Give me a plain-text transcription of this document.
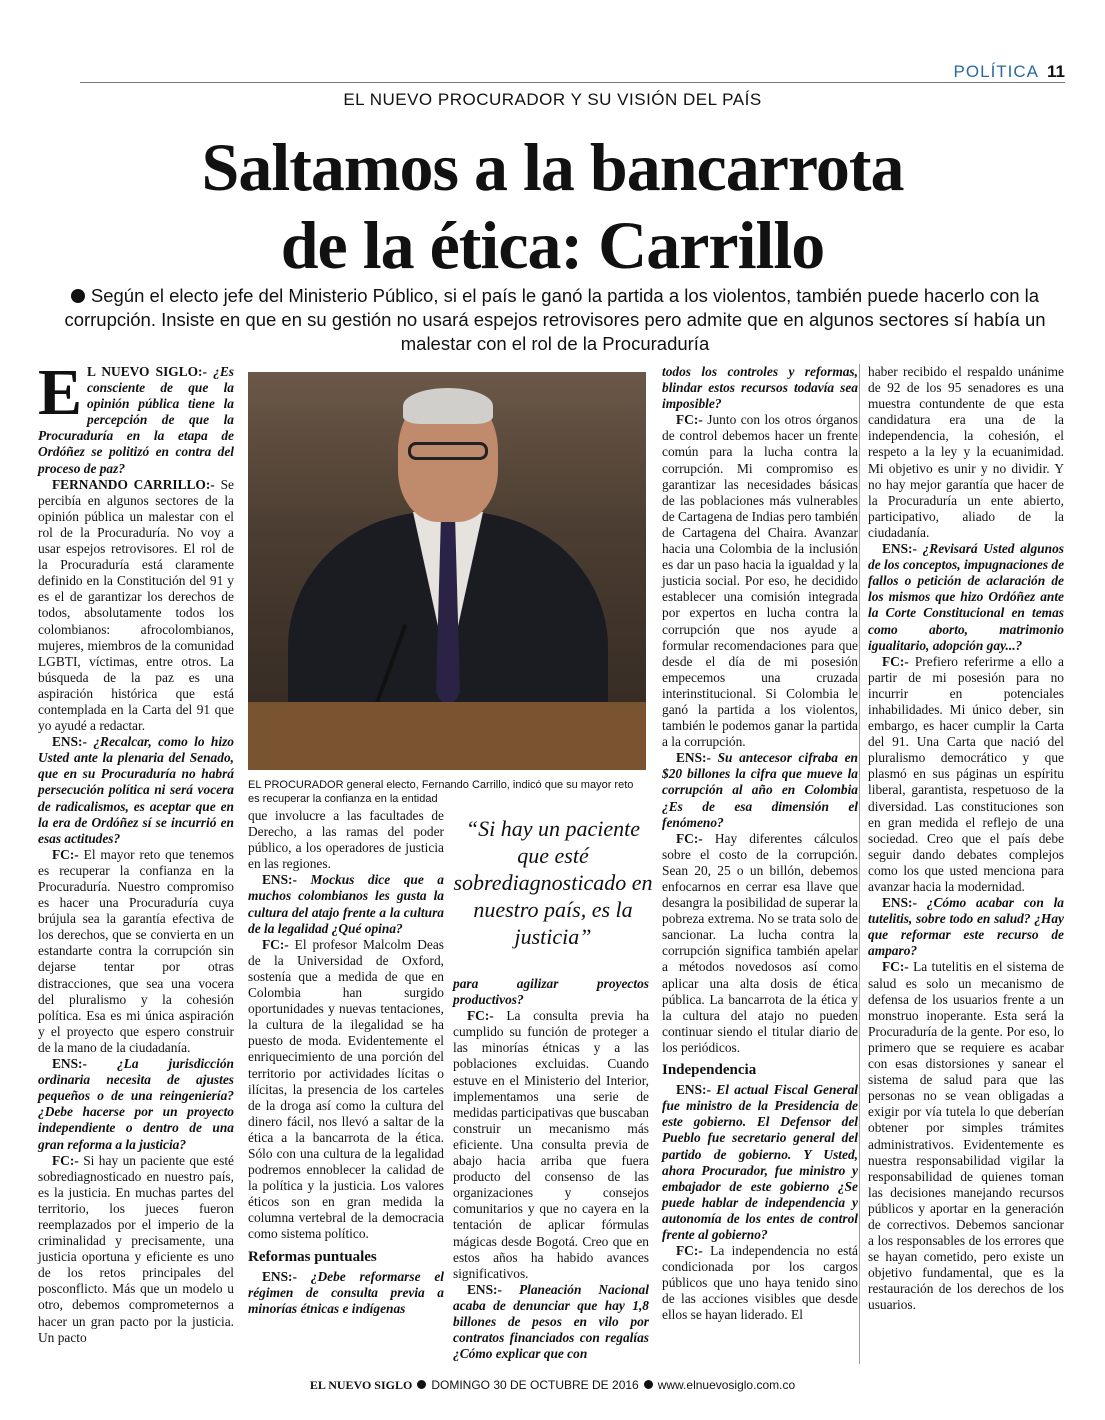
POLÍTICA 11
EL NUEVO PROCURADOR Y SU VISIÓN DEL PAÍS
Saltamos a la bancarrota
de la ética: Carrillo
Según el electo jefe del Ministerio Público, si el país le ganó la partida a los violentos, también puede hacerlo con la corrupción. Insiste en que en su gestión no usará espejos retrovisores pero admite que en algunos sectores sí había un malestar con el rol de la Procuraduría

E L NUEVO SIGLO:- ¿Es consciente de que la opinión pública tiene la percepción de que la Procuraduría en la etapa de Ordóñez se politizó en contra del proceso de paz?

FERNANDO CARRILLO:- Se percibía en algunos sectores de la opinión pública un malestar con el rol de la Procuraduría. No voy a usar espejos retrovisores. El rol de la Procuraduría está claramente definido en la Constitución del 91 y es el de garantizar los derechos de todos, absolutamente todos los colombianos: afrocolombianos, mujeres, miembros de la comunidad LGBTI, víctimas, entre otros. La búsqueda de la paz es una aspiración histórica que está contemplada en la Carta del 91 que yo ayudé a redactar.

ENS:- ¿Recalcar, como lo hizo Usted ante la plenaria del Senado, que en su Procuraduría no habrá persecución política ni será vocera de radicalismos, es aceptar que en la era de Ordóñez sí se incurrió en esas actitudes?

FC:- El mayor reto que tenemos es recuperar la confianza en la Procuraduría. Nuestro compromiso es hacer una Procuraduría cuya brújula sea la garantía efectiva de los derechos, que se convierta en un estandarte contra la corrupción sin dejarse tentar por otras distracciones, que sea una vocera del pluralismo y la cohesión política. Esa es mi única aspiración y el proyecto que espero construir de la mano de la ciudadanía.

ENS:- ¿La jurisdicción ordinaria necesita de ajustes pequeños o de una reingeniería? ¿Debe hacerse por un proyecto independiente o dentro de una gran reforma a la justicia?

FC:- Si hay un paciente que esté sobrediagnosticado en nuestro país, es la justicia. En muchas partes del territorio, los jueces fueron reemplazados por el imperio de la criminalidad y precisamente, una justicia oportuna y eficiente es uno de los retos principales del posconflicto. Más que un modelo u otro, debemos comprometernos a hacer un gran pacto por la justicia. Un pacto

EL PROCURADOR general electo, Fernando Carrillo, indicó que su mayor reto es recuperar la confianza en la entidad
“Si hay un paciente que esté sobrediagnosticado en nuestro país, es la justicia”

que involucre a las facultades de Derecho, a las ramas del poder público, a los operadores de justicia en las regiones.

ENS:- Mockus dice que a muchos colombianos les gusta la cultura del atajo frente a la cultura de la legalidad ¿Qué opina?

FC:- El profesor Malcolm Deas de la Universidad de Oxford, sostenía que a medida de que en Colombia han surgido oportunidades y nuevas tentaciones, la cultura de la ilegalidad se ha puesto de moda. Evidentemente el enriquecimiento de una porción del territorio por actividades lícitas o ilícitas, la presencia de los carteles de la droga así como la cultura del dinero fácil, nos llevó a saltar de la ética a la bancarrota de la ética. Sólo con una cultura de la legalidad podremos ennoblecer la calidad de la política y la justicia. Los valores éticos son en gran medida la columna vertebral de la democracia como sistema político.

Reformas puntuales

ENS:- ¿Debe reformarse el régimen de consulta previa a minorías étnicas e indígenas

para agilizar proyectos productivos?

FC:- La consulta previa ha cumplido su función de proteger a las minorías étnicas y a las poblaciones excluidas. Cuando estuve en el Ministerio del Interior, implementamos una serie de medidas participativas que buscaban construir un mecanismo más eficiente. Una consulta previa de abajo hacia arriba que fuera producto del consenso de las organizaciones y consejos comunitarios y que no cayera en la tentación de aplicar fórmulas mágicas desde Bogotá. Creo que en estos años ha habido avances significativos.

ENS:- Planeación Nacional acaba de denunciar que hay 1,8 billones de pesos en vilo por contratos financiados con regalías ¿Cómo explicar que con

todos los controles y reformas, blindar estos recursos todavía sea imposible?

FC:- Junto con los otros órganos de control debemos hacer un frente común para la lucha contra la corrupción. Mi compromiso es garantizar las necesidades básicas de las poblaciones más vulnerables de Cartagena de Indias pero también de Cartagena del Chaira. Avanzar hacia una Colombia de la inclusión es dar un paso hacia la igualdad y la justicia social. Por eso, he decidido establecer una comisión integrada por expertos en lucha contra la corrupción que nos ayude a formular recomendaciones para que desde el día de mi posesión empecemos una cruzada interinstitucional. Si Colombia le ganó la partida a los violentos, también le podemos ganar la partida a la corrupción.

ENS:- Su antecesor cifraba en $20 billones la cifra que mueve la corrupción al año en Colombia ¿Es de esa dimensión el fenómeno?

FC:- Hay diferentes cálculos sobre el costo de la corrupción. Sean 20, 25 o un billón, debemos enfocarnos en cerrar esa llave que desangra la posibilidad de superar la pobreza extrema. No se trata solo de sancionar. La lucha contra la corrupción significa también apelar a métodos novedosos así como aplicar una alta dosis de ética pública. La bancarrota de la ética y la cultura del atajo no pueden continuar siendo el titular diario de los periódicos.

Independencia

ENS:- El actual Fiscal General fue ministro de la Presidencia de este gobierno. El Defensor del Pueblo fue secretario general del partido de gobierno. Y Usted, ahora Procurador, fue ministro y embajador de este gobierno ¿Se puede hablar de independencia y autonomía de los entes de control frente al gobierno?

FC:- La independencia no está condicionada por los cargos públicos que uno haya tenido sino de las acciones visibles que desde ellos se hayan liderado. El

haber recibido el respaldo unánime de 92 de los 95 senadores es una muestra contundente de que esta candidatura era una de la independencia, la cohesión, el respeto a la ley y la ecuanimidad. Mi objetivo es unir y no dividir. Y no hay mejor garantía que hacer de la Procuraduría un ente abierto, participativo, aliado de la ciudadanía.

ENS:- ¿Revisará Usted algunos de los conceptos, impugnaciones de fallos o petición de aclaración de los mismos que hizo Ordóñez ante la Corte Constitucional en temas como aborto, matrimonio igualitario, adopción gay...?

FC:- Prefiero referirme a ello a partir de mi posesión para no incurrir en potenciales inhabilidades. Mi único deber, sin embargo, es hacer cumplir la Carta del 91. Una Carta que nació del pluralismo democrático y que plasmó en sus páginas un espíritu liberal, garantista, respetuoso de la diversidad. Las constituciones son en gran medida el reflejo de una sociedad. Creo que el país debe seguir dando debates complejos como los que usted menciona para avanzar hacia la modernidad.

ENS:- ¿Cómo acabar con la tutelitis, sobre todo en salud? ¿Hay que reformar este recurso de amparo?

FC:- La tutelitis en el sistema de salud es solo un mecanismo de defensa de los usuarios frente a un monstruo inoperante. Esta será la Procuraduría de la gente. Por eso, lo primero que se requiere es acabar con esas distorsiones y sanear el sistema de salud para que las personas no se vean obligadas a exigir por vía tutela lo que deberían obtener por simples trámites administrativos. Evidentemente es nuestra responsabilidad vigilar la responsabilidad de quienes toman las decisiones manejando recursos públicos y aportar en la generación de correctivos. Debemos sancionar a los responsables de los errores que se hayan cometido, pero existe un objetivo fundamental, que es la restauración de los derechos de los usuarios.

EL NUEVO SIGLO DOMINGO 30 DE OCTUBRE DE 2016 www.elnuevosiglo.com.co
